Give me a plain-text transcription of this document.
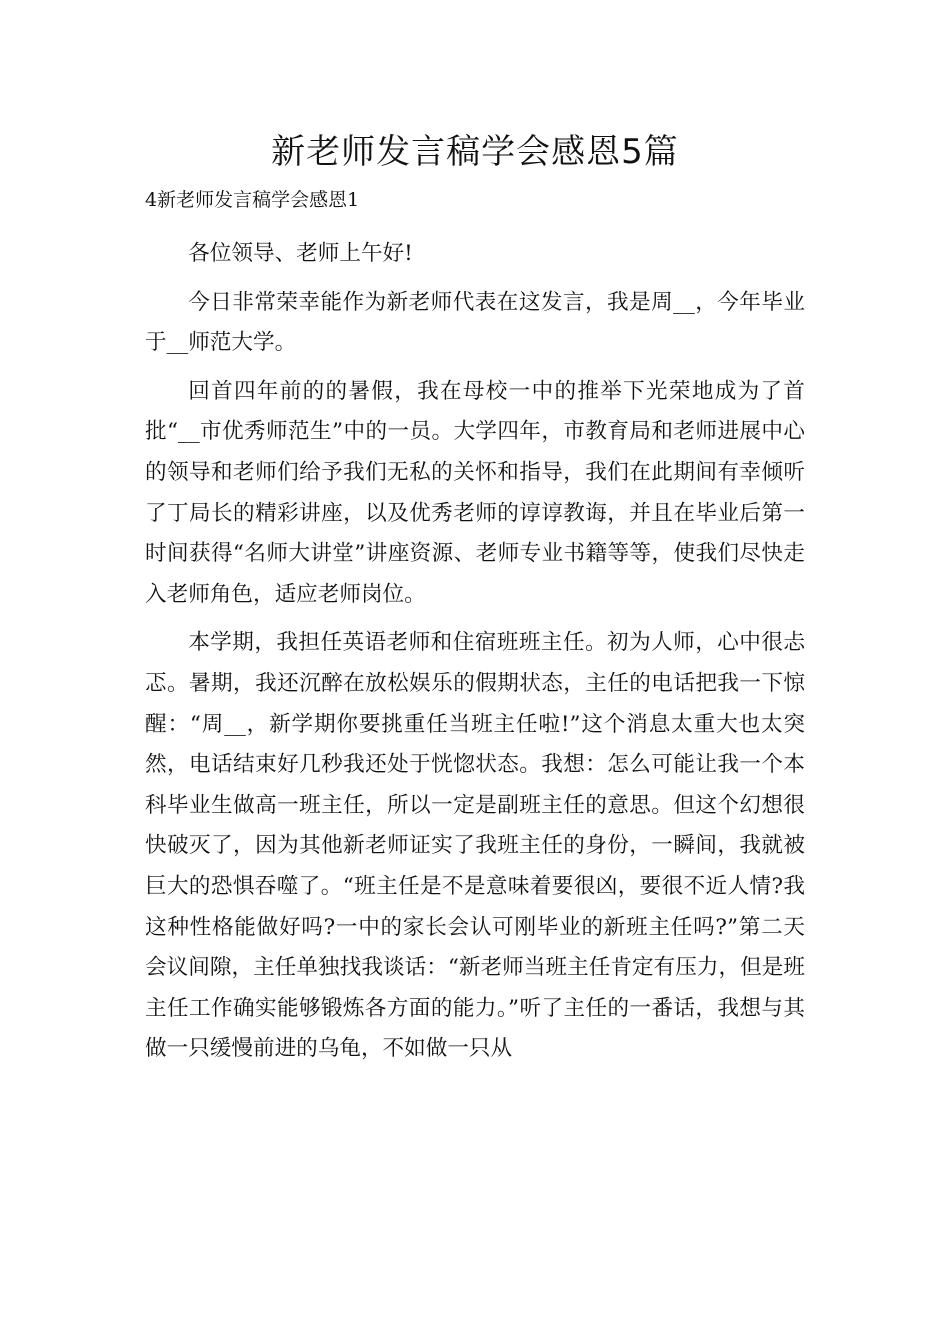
新老师发言稿学会感恩5篇
4新老师发言稿学会感恩1

各位领导、老师上午好!

今日非常荣幸能作为新老师代表在这发言，我是周__，今年毕业于__师范大学。

回首四年前的的暑假，我在母校一中的推举下光荣地成为了首批“__市优秀师范生”中的一员。大学四年，市教育局和老师进展中心的领导和老师们给予我们无私的关怀和指导，我们在此期间有幸倾听了丁局长的精彩讲座，以及优秀老师的谆谆教诲，并且在毕业后第一时间获得“名师大讲堂”讲座资源、老师专业书籍等等，使我们尽快走入老师角色，适应老师岗位。

本学期，我担任英语老师和住宿班班主任。初为人师，心中很忐忑。暑期，我还沉醉在放松娱乐的假期状态，主任的电话把我一下惊醒：“周__，新学期你要挑重任当班主任啦!”这个消息太重大也太突然，电话结束好几秒我还处于恍惚状态。我想：怎么可能让我一个本科毕业生做高一班主任，所以一定是副班主任的意思。但这个幻想很快破灭了，因为其他新老师证实了我班主任的身份，一瞬间，我就被巨大的恐惧吞噬了。“班主任是不是意味着要很凶，要很不近人情?我这种性格能做好吗?一中的家长会认可刚毕业的新班主任吗?”第二天会议间隙，主任单独找我谈话：“新老师当班主任肯定有压力，但是班主任工作确实能够锻炼各方面的能力。”听了主任的一番话，我想与其做一只缓慢前进的乌龟，不如做一只从
